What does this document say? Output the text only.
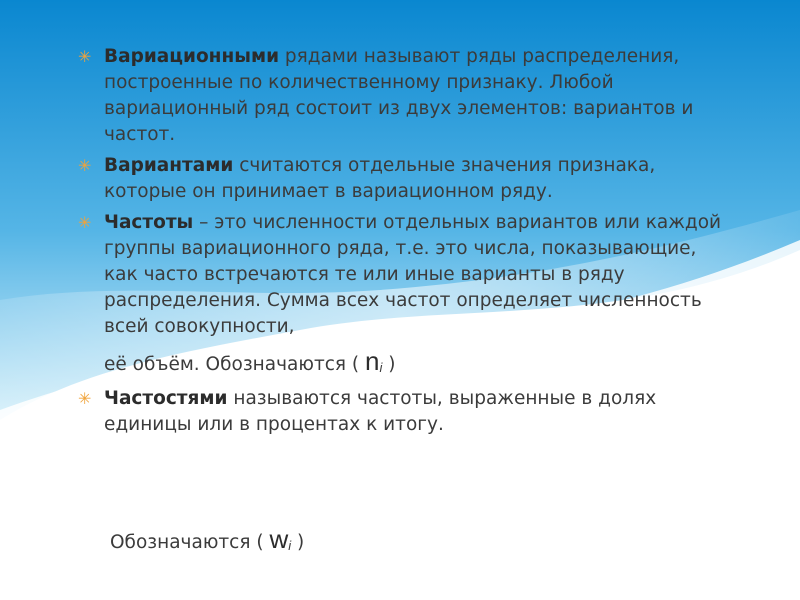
✳ Вариационными рядами называют ряды распределения, построенные по количественному признаку. Любой вариационный ряд состоит из двух элементов: вариантов и частот.
✳ Вариантами считаются отдельные значения признака, которые он принимает в вариационном ряду.
✳ Частоты – это численности отдельных вариантов или каждой группы вариационного ряда, т.е. это числа, показывающие, как часто встречаются те или иные варианты в ряду распределения. Сумма всех частот определяет численность всей совокупности,
её объём. Обозначаются ( ni )
✳ Частостями называются частоты, выраженные в долях единицы или в процентах к итогу.
Обозначаются ( wi )
